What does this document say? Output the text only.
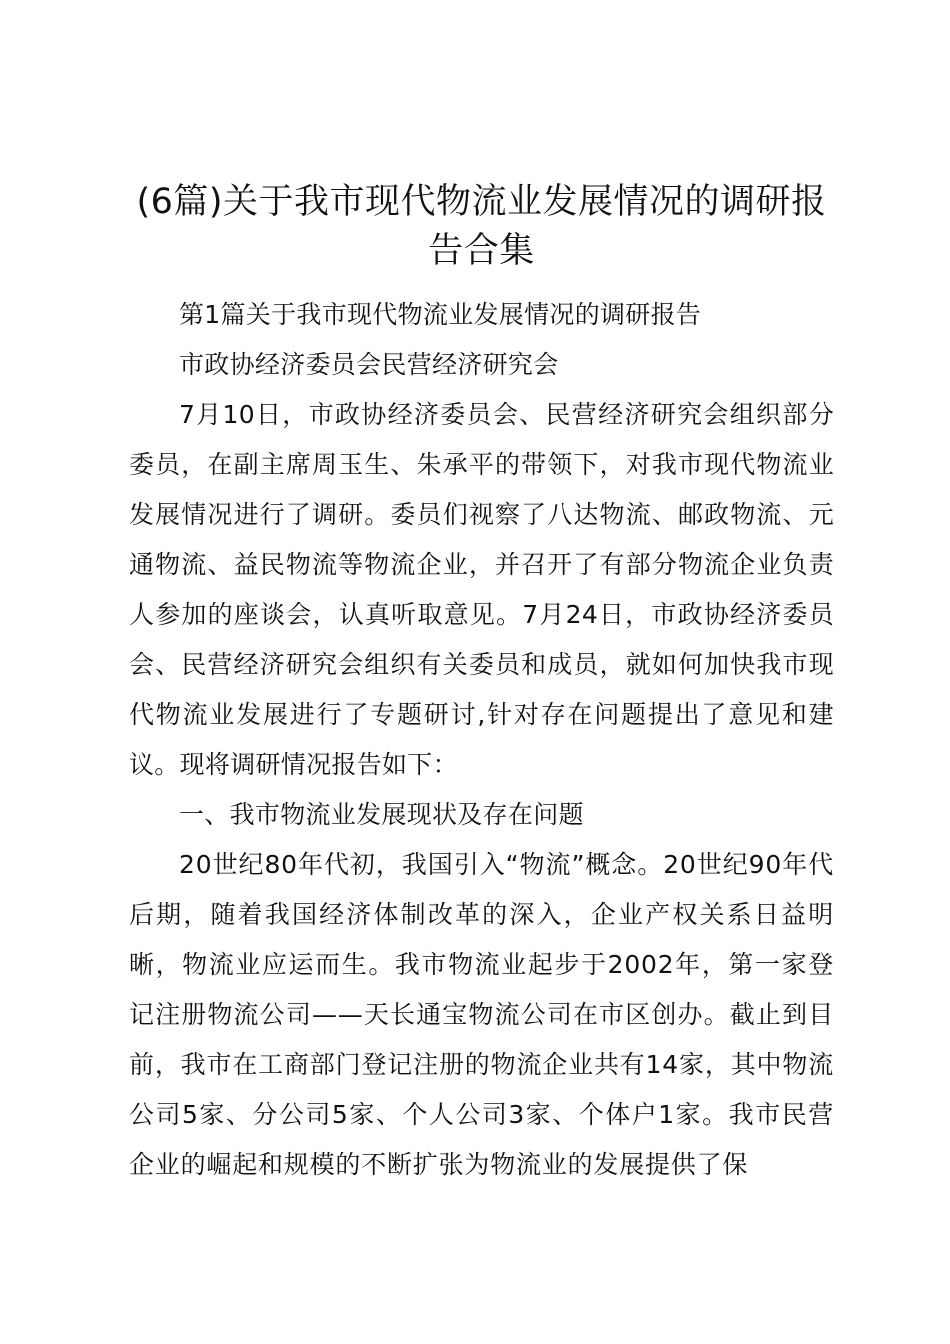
(6篇)关于我市现代物流业发展情况的调研报告合集

第1篇关于我市现代物流业发展情况的调研报告

市政协经济委员会民营经济研究会

7月10日，市政协经济委员会、民营经济研究会组织部分委员，在副主席周玉生、朱承平的带领下，对我市现代物流业发展情况进行了调研。委员们视察了八达物流、邮政物流、元通物流、益民物流等物流企业，并召开了有部分物流企业负责人参加的座谈会，认真听取意见。7月24日，市政协经济委员会、民营经济研究会组织有关委员和成员，就如何加快我市现代物流业发展进行了专题研讨,针对存在问题提出了意见和建议。现将调研情况报告如下：

一、我市物流业发展现状及存在问题

20世纪80年代初，我国引入“物流”概念。20世纪90年代后期，随着我国经济体制改革的深入，企业产权关系日益明晰，物流业应运而生。我市物流业起步于2002年，第一家登记注册物流公司——天长通宝物流公司在市区创办。截止到目前，我市在工商部门登记注册的物流企业共有14家，其中物流公司5家、分公司5家、个人公司3家、个体户1家。我市民营企业的崛起和规模的不断扩张为物流业的发展提供了保
